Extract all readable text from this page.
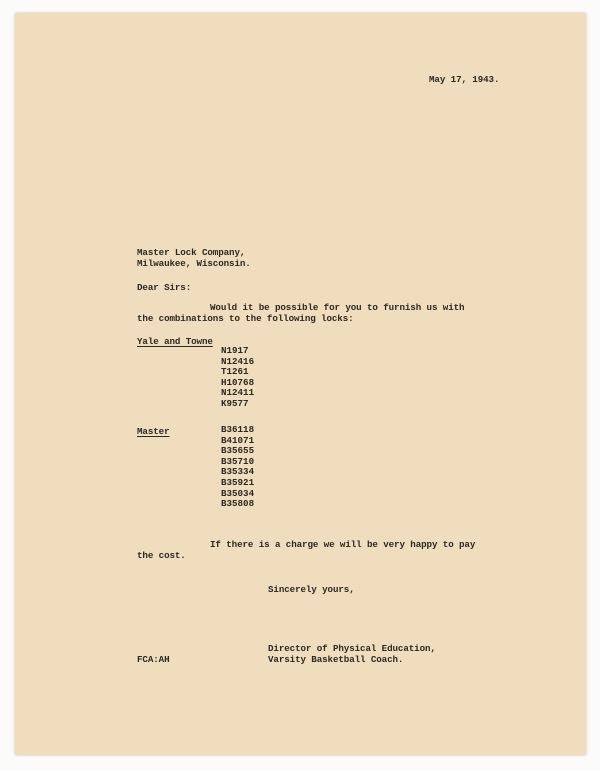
May 17, 1943.
Master Lock Company,
Milwaukee, Wisconsin.
Dear Sirs:
Would it be possible for you to furnish us with
the combinations to the following locks:
Yale and Towne
N1917
N12416
T1261
H10768
N12411
K9577
Master	B36118
B41071
B35655
B35710
B35334
B35921
B35034
B35808
If there is a charge we will be very happy to pay
the cost.
Sincerely yours,
Director of Physical Education,
Varsity Basketball Coach.
FCA:AH
